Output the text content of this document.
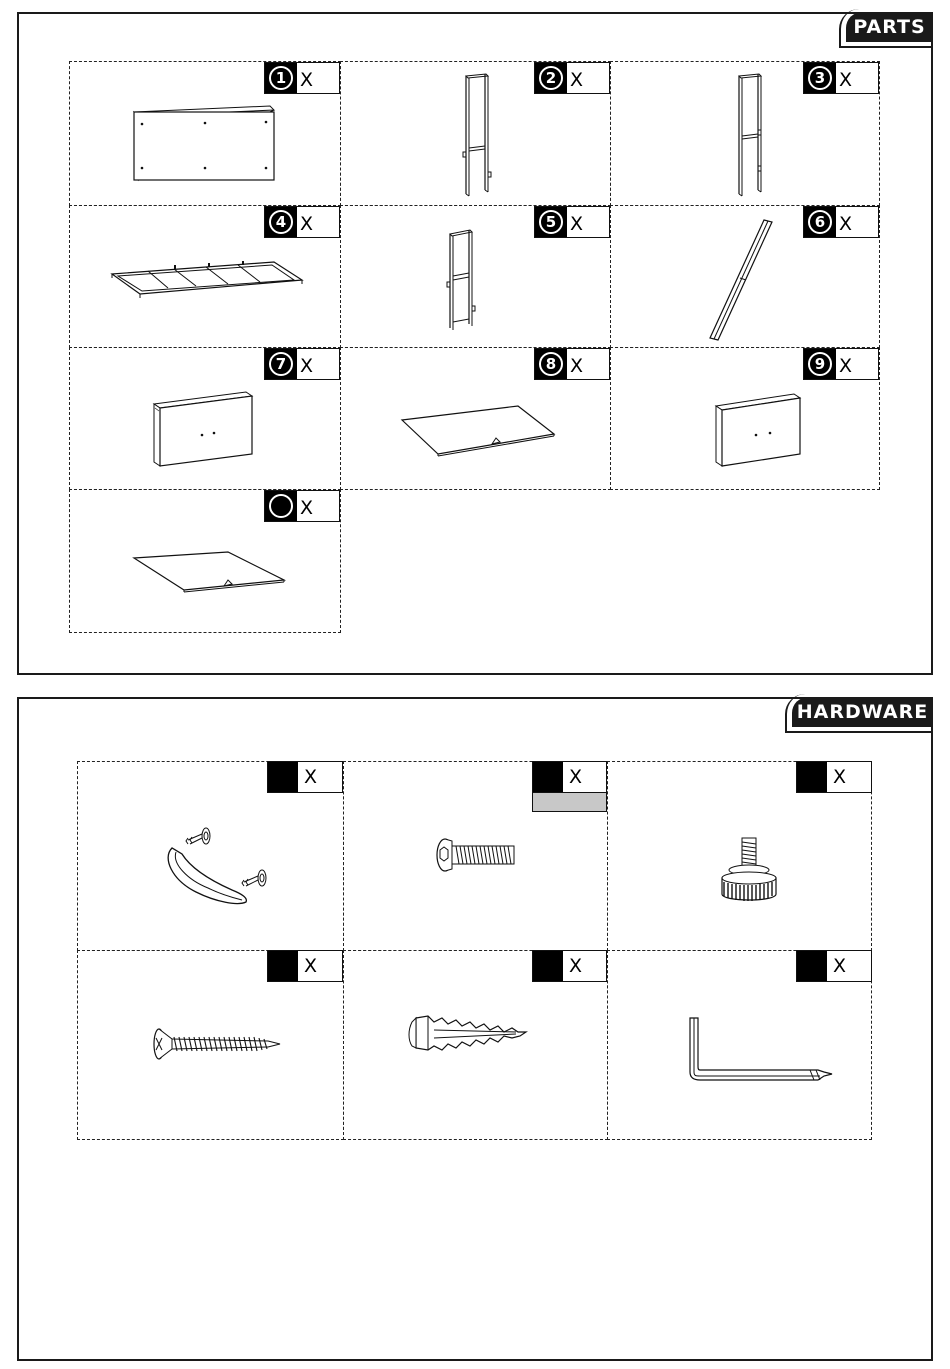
PARTS
1 X	2 X	3 X
4 X	5 X	6 X
7 X	8 X	9 X
X
HARDWARE
X	X	X
X	X	X
